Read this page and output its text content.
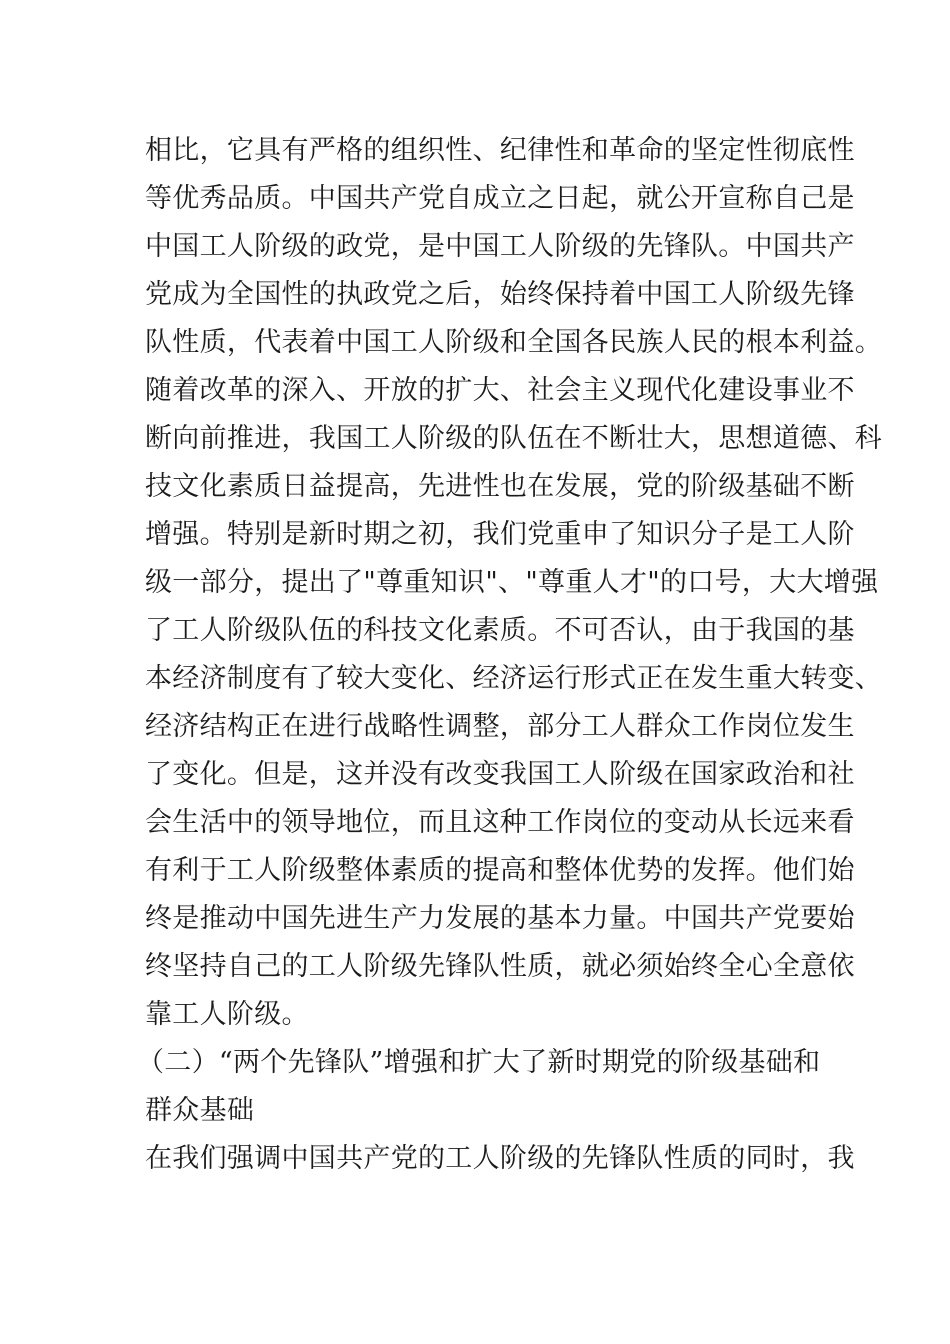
相比，它具有严格的组织性、纪律性和革命的坚定性彻底性
等优秀品质。中国共产党自成立之日起，就公开宣称自己是
中国工人阶级的政党，是中国工人阶级的先锋队。中国共产
党成为全国性的执政党之后，始终保持着中国工人阶级先锋
队性质，代表着中国工人阶级和全国各民族人民的根本利益。
随着改革的深入、开放的扩大、社会主义现代化建设事业不
断向前推进，我国工人阶级的队伍在不断壮大，思想道德、科
技文化素质日益提高，先进性也在发展，党的阶级基础不断
增强。特别是新时期之初，我们党重申了知识分子是工人阶
级一部分，提出了"尊重知识"、"尊重人才"的口号，大大增强
了工人阶级队伍的科技文化素质。不可否认，由于我国的基
本经济制度有了较大变化、经济运行形式正在发生重大转变、
经济结构正在进行战略性调整，部分工人群众工作岗位发生
了变化。但是，这并没有改变我国工人阶级在国家政治和社
会生活中的领导地位，而且这种工作岗位的变动从长远来看
有利于工人阶级整体素质的提高和整体优势的发挥。他们始
终是推动中国先进生产力发展的基本力量。中国共产党要始
终坚持自己的工人阶级先锋队性质，就必须始终全心全意依
靠工人阶级。
（二）“两个先锋队”增强和扩大了新时期党的阶级基础和
群众基础
在我们强调中国共产党的工人阶级的先锋队性质的同时，我
